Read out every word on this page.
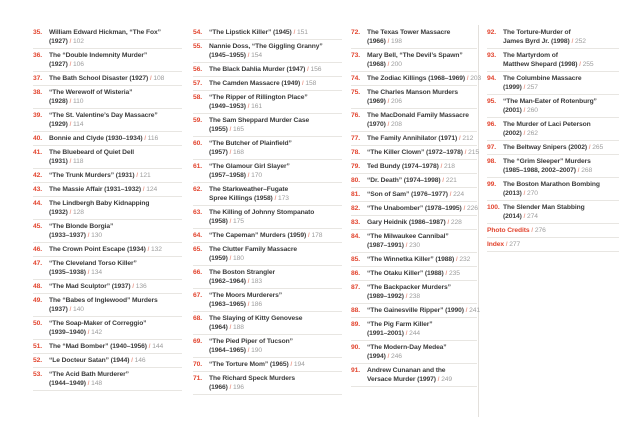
35.	William Edward Hickman, “The Fox”
(1927) / 102
36.	The “Double Indemnity Murder”
(1927) / 106
37.	The Bath School Disaster (1927) / 108
38.	“The Werewolf of Wisteria”
(1928) / 110
39.	“The St. Valentine’s Day Massacre”
(1929) / 114
40.	Bonnie and Clyde (1930–1934) / 116
41.	The Bluebeard of Quiet Dell
(1931) / 118
42.	“The Trunk Murders” (1931) / 121
43.	The Massie Affair (1931–1932) / 124
44.	The Lindbergh Baby Kidnapping
(1932) / 128
45.	“The Blonde Borgia”
(1933–1937) / 130
46.	The Crown Point Escape (1934) / 132
47.	“The Cleveland Torso Killer”
(1935–1938) / 134
48.	“The Mad Sculptor” (1937) / 136
49.	The “Babes of Inglewood” Murders
(1937) / 140
50.	“The Soap-Maker of Correggio”
(1939–1940) / 142
51.	The “Mad Bomber” (1940–1956) / 144
52.	“Le Docteur Satan” (1944) / 146
53.	“The Acid Bath Murderer”
(1944–1949) / 148
54.	“The Lipstick Killer” (1945) / 151
55.	Nannie Doss, “The Giggling Granny”
(1945–1955) / 154
56.	The Black Dahlia Murder (1947) / 156
57.	The Camden Massacre (1949) / 158
58.	“The Ripper of Rillington Place”
(1949–1953) / 161
59.	The Sam Sheppard Murder Case
(1955) / 165
60.	“The Butcher of Plainfield”
(1957) / 168
61.	“The Glamour Girl Slayer”
(1957–1958) / 170
62.	The Starkweather–Fugate
Spree Killings (1958) / 173
63.	The Killing of Johnny Stompanato
(1958) / 175
64.	“The Capeman” Murders (1959) / 178
65.	The Clutter Family Massacre
(1959) / 180
66.	The Boston Strangler
(1962–1964) / 183
67.	“The Moors Murderers”
(1963–1965) / 186
68.	The Slaying of Kitty Genovese
(1964) / 188
69.	“The Pied Piper of Tucson”
(1964–1965) / 190
70.	“The Torture Mom” (1965) / 194
71.	The Richard Speck Murders
(1966) / 196
72.	The Texas Tower Massacre
(1966) / 198
73.	Mary Bell, “The Devil’s Spawn”
(1968) / 200
74.	The Zodiac Killings (1968–1969) / 203
75.	The Charles Manson Murders
(1969) / 206
76.	The MacDonald Family Massacre
(1970) / 208
77.	The Family Annihilator (1971) / 212
78.	“The Killer Clown” (1972–1978) / 215
79.	Ted Bundy (1974–1978) / 218
80.	“Dr. Death” (1974–1998) / 221
81.	“Son of Sam” (1976–1977) / 224
82.	“The Unabomber” (1978–1995) / 226
83.	Gary Heidnik (1986–1987) / 228
84.	“The Milwaukee Cannibal”
(1987–1991) / 230
85.	“The Winnetka Killer” (1988) / 232
86.	“The Otaku Killer” (1988) / 235
87.	“The Backpacker Murders”
(1989–1992) / 238
88.	“The Gainesville Ripper” (1990) / 241
89.	“The Pig Farm Killer”
(1991–2001) / 244
90.	“The Modern-Day Medea”
(1994) / 246
91.	Andrew Cunanan and the
Versace Murder (1997) / 249
92.	The Torture-Murder of
James Byrd Jr. (1998) / 252
93.	The Martyrdom of
Matthew Shepard (1998) / 255
94.	The Columbine Massacre
(1999) / 257
95.	“The Man-Eater of Rotenburg”
(2001) / 260
96.	The Murder of Laci Peterson
(2002) / 262
97.	The Beltway Snipers (2002) / 265
98.	The “Grim Sleeper” Murders
(1985–1988, 2002–2007) / 268
99.	The Boston Marathon Bombing
(2013) / 270
100. The Slender Man Stabbing
(2014) / 274
Photo Credits / 276
Index / 277
